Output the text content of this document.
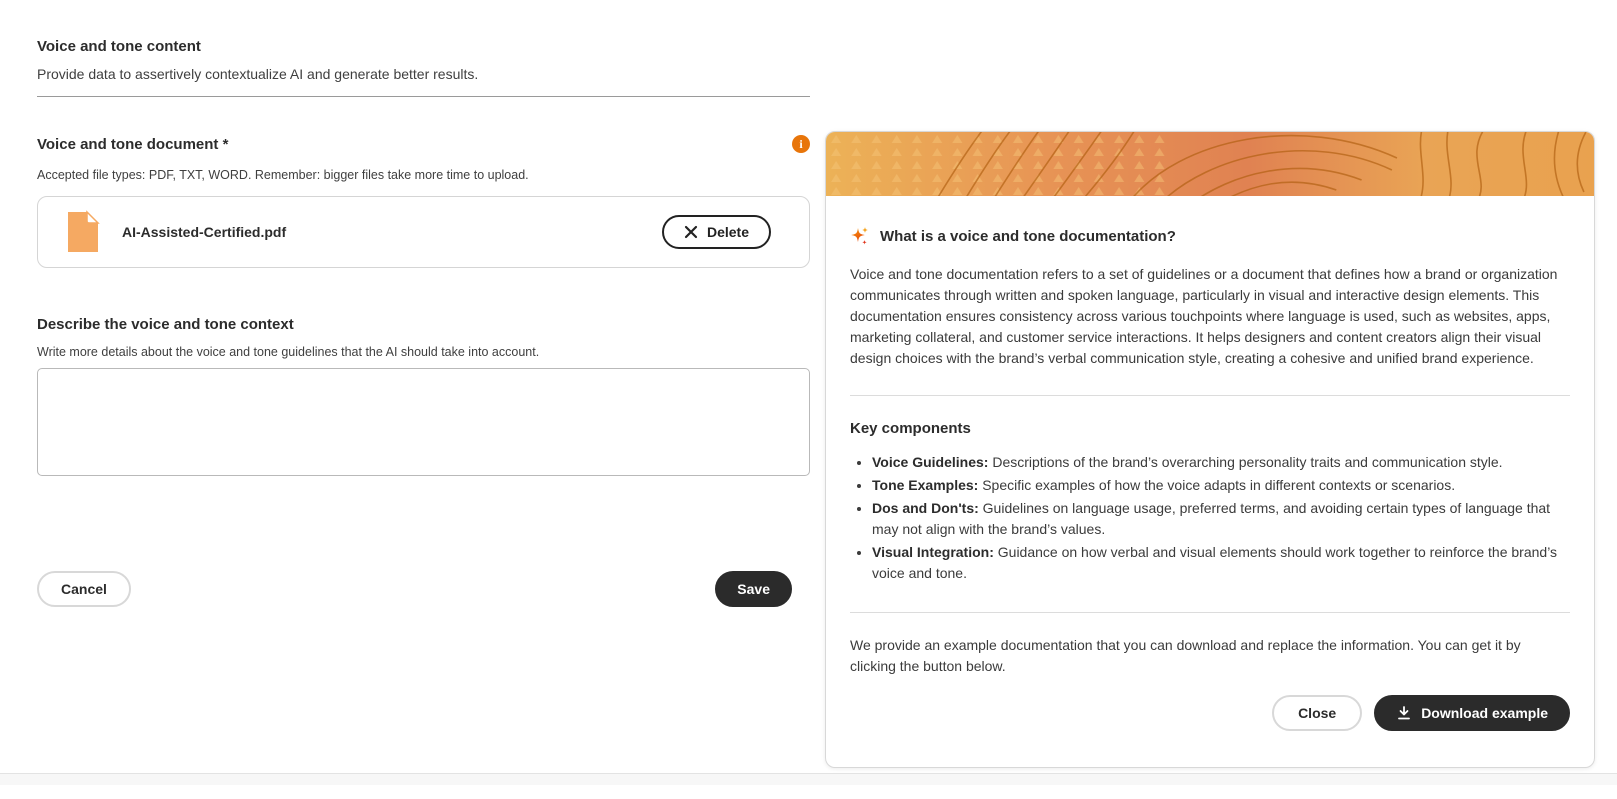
Voice and tone content
Provide data to assertively contextualize AI and generate better results.
Voice and tone document *	i
Accepted file types: PDF, TXT, WORD. Remember: bigger files take more time to upload.
AI-Assisted-Certified.pdf	Delete
Describe the voice and tone context
Write more details about the voice and tone guidelines that the AI should take into account.
Cancel	Save
What is a voice and tone documentation?

Voice and tone documentation refers to a set of guidelines or a document that defines how a brand or organization communicates through written and spoken language, particularly in visual and interactive design elements. This documentation ensures consistency across various touchpoints where language is used, such as websites, apps, marketing collateral, and customer service interactions. It helps designers and content creators align their visual design choices with the brand’s verbal communication style, creating a cohesive and unified brand experience.

Key components
• Voice Guidelines: Descriptions of the brand’s overarching personality traits and communication style.
• Tone Examples: Specific examples of how the voice adapts in different contexts or scenarios.
• Dos and Don'ts: Guidelines on language usage, preferred terms, and avoiding certain types of language that may not align with the brand’s values.
• Visual Integration: Guidance on how verbal and visual elements should work together to reinforce the brand’s voice and tone.

We provide an example documentation that you can download and replace the information. You can get it by clicking the button below.

Close	Download example
